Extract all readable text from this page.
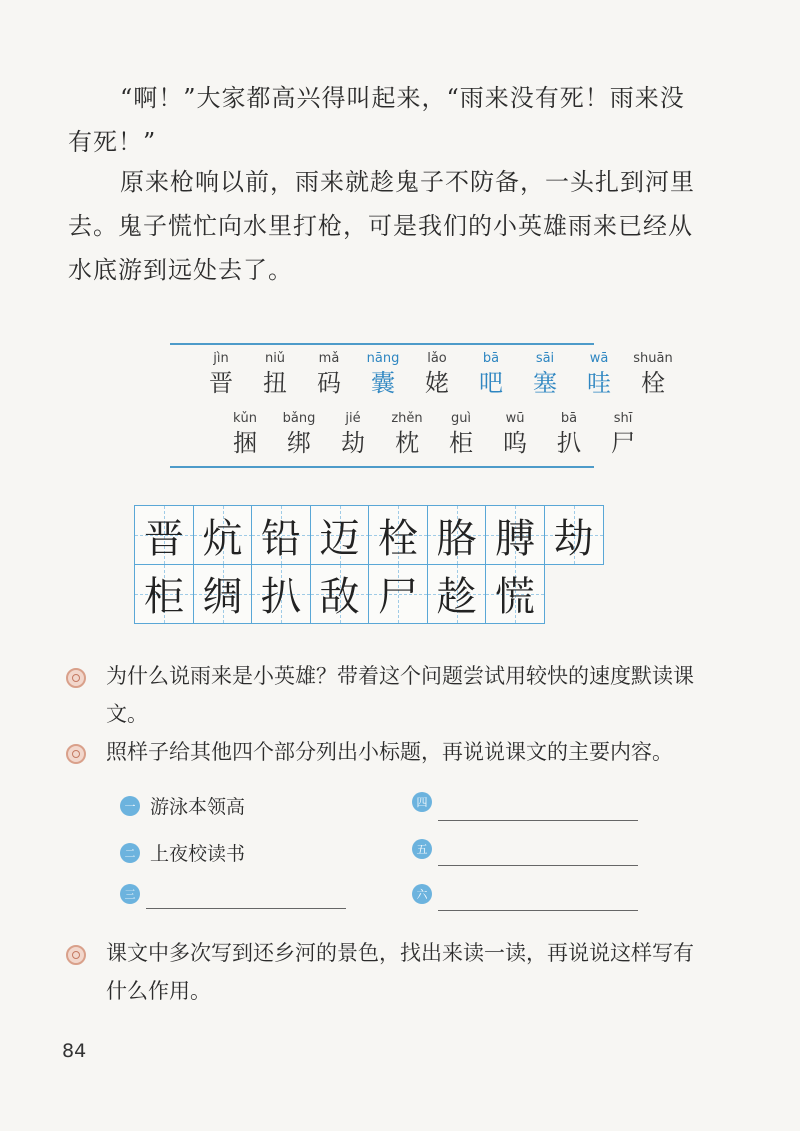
“啊！”大家都高兴得叫起来，“雨来没有死！雨来没有死！”

原来枪响以前，雨来就趁鬼子不防备，一头扎到河里去。鬼子慌忙向水里打枪，可是我们的小英雄雨来已经从水底游到远处去了。

jìn
晋
niǔ
扭
mǎ
码
nāng
囊
lǎo
姥
bā
吧
sāi
塞
wā
哇
shuān
栓
kǔn
捆
bǎng
绑
jié
劫
zhěn
枕
guì
柜
wū
呜
bā
扒
shī
尸
晋 炕 铅 迈 栓 胳 膊 劫
柜 绸 扒 敌 尸 趁 慌

为什么说雨来是小英雄？带着这个问题尝试用较快的速度默读课文。

照样子给其他四个部分列出小标题，再说说课文的主要内容。

一 游泳本领高
二 上夜校读书
三
四
五
六

课文中多次写到还乡河的景色，找出来读一读，再说说这样写有什么作用。

84
